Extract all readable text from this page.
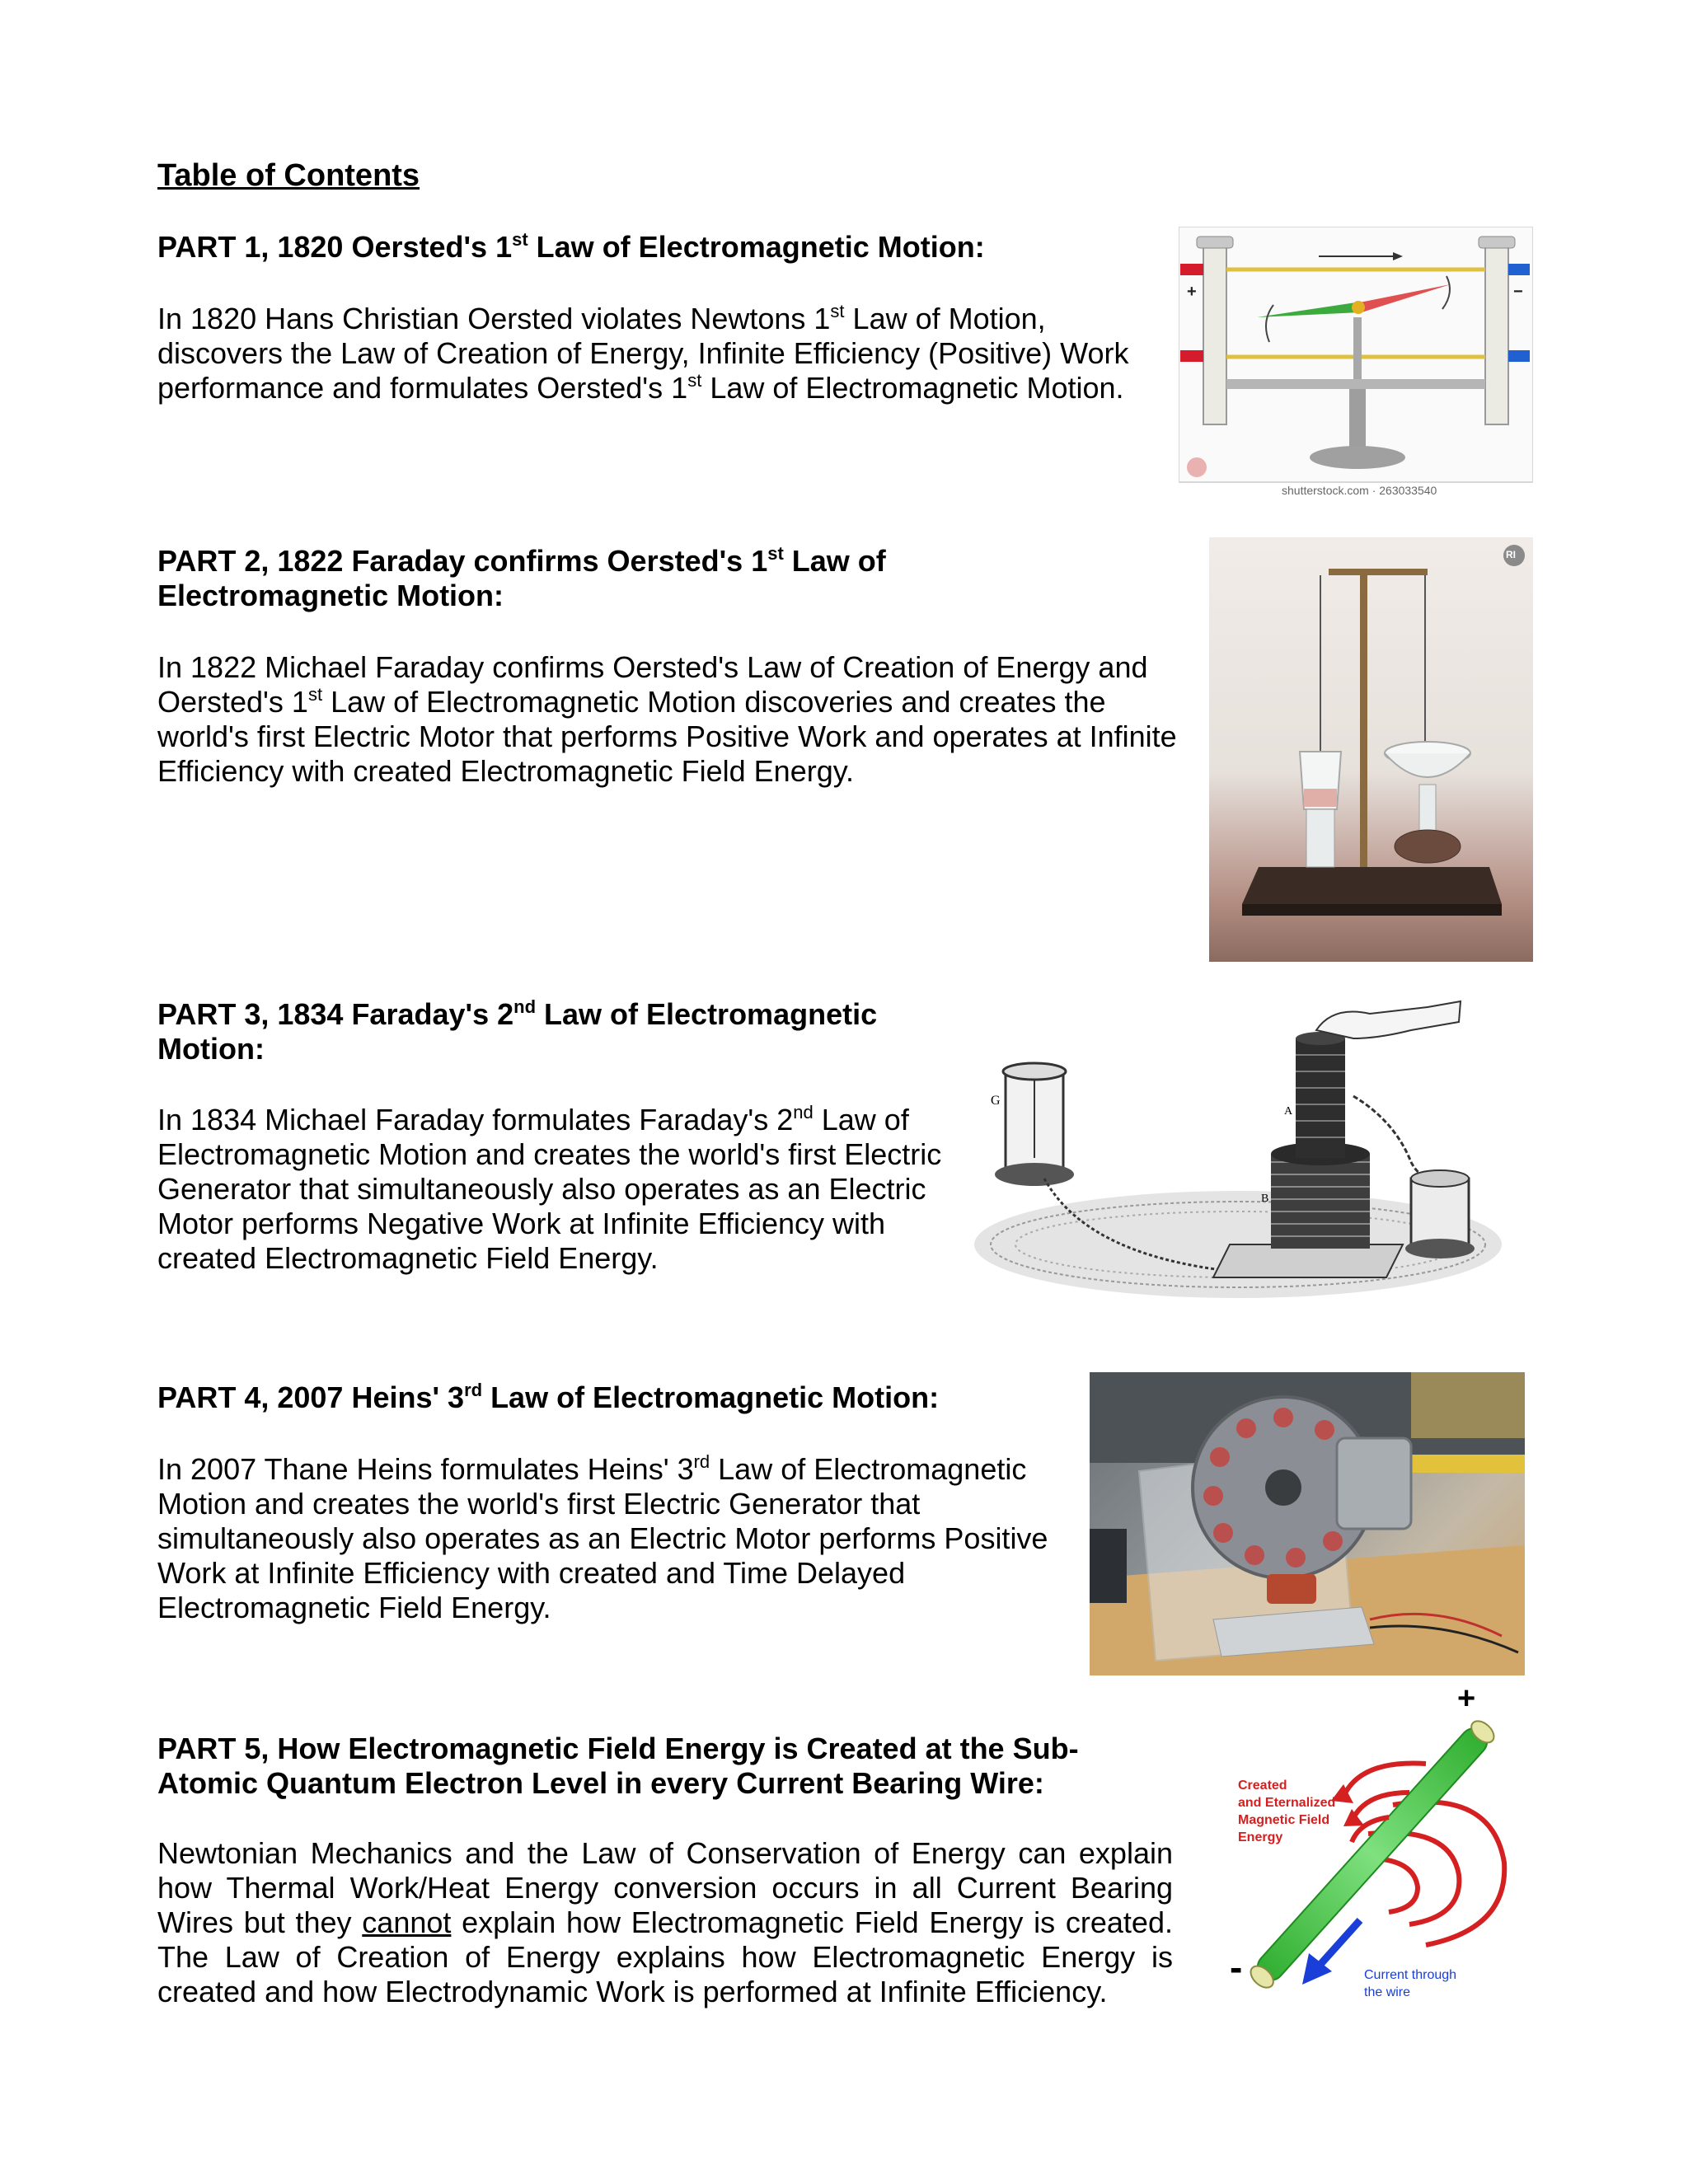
Table of Contents
PART 1, 1820 Oersted's 1st Law of Electromagnetic Motion:

In 1820 Hans Christian Oersted violates Newtons 1st Law of Motion, discovers the Law of Creation of Energy, Infinite Efficiency (Positive) Work performance and formulates Oersted's 1st Law of Electromagnetic Motion.

PART 2, 1822 Faraday confirms Oersted's 1st Law of Electromagnetic Motion:

In 1822 Michael Faraday confirms Oersted's Law of Creation of Energy and Oersted's 1st Law of Electromagnetic Motion discoveries and creates the world's first Electric Motor that performs Positive Work and operates at Infinite Efficiency with created Electromagnetic Field Energy.

PART 3, 1834 Faraday's 2nd Law of Electromagnetic Motion:

In 1834 Michael Faraday formulates Faraday's 2nd Law of Electromagnetic Motion and creates the world's first Electric Generator that simultaneously also operates as an Electric Motor performs Negative Work at Infinite Efficiency with created Electromagnetic Field Energy.

PART 4, 2007 Heins' 3rd Law of Electromagnetic Motion:

In 2007 Thane Heins formulates Heins' 3rd Law of Electromagnetic Motion and creates the world's first Electric Generator that simultaneously also operates as an Electric Motor performs Positive Work at Infinite Efficiency with created and Time Delayed Electromagnetic Field Energy.

PART 5, How Electromagnetic Field Energy is Created at the Sub-Atomic Quantum Electron Level in every Current Bearing Wire:

Newtonian Mechanics and the Law of Conservation of Energy can explain how Thermal Work/Heat Energy conversion occurs in all Current Bearing Wires but they cannot explain how Electromagnetic Field Energy is created. The Law of Creation of Energy explains how Electromagnetic Energy is created and how Electrodynamic Work is performed at Infinite Efficiency.

+	−
shutterstock.com · 263033540
RI
G
B
A
+
-
Created
and Eternalized
Magnetic Field
Energy
Current through
the wire
